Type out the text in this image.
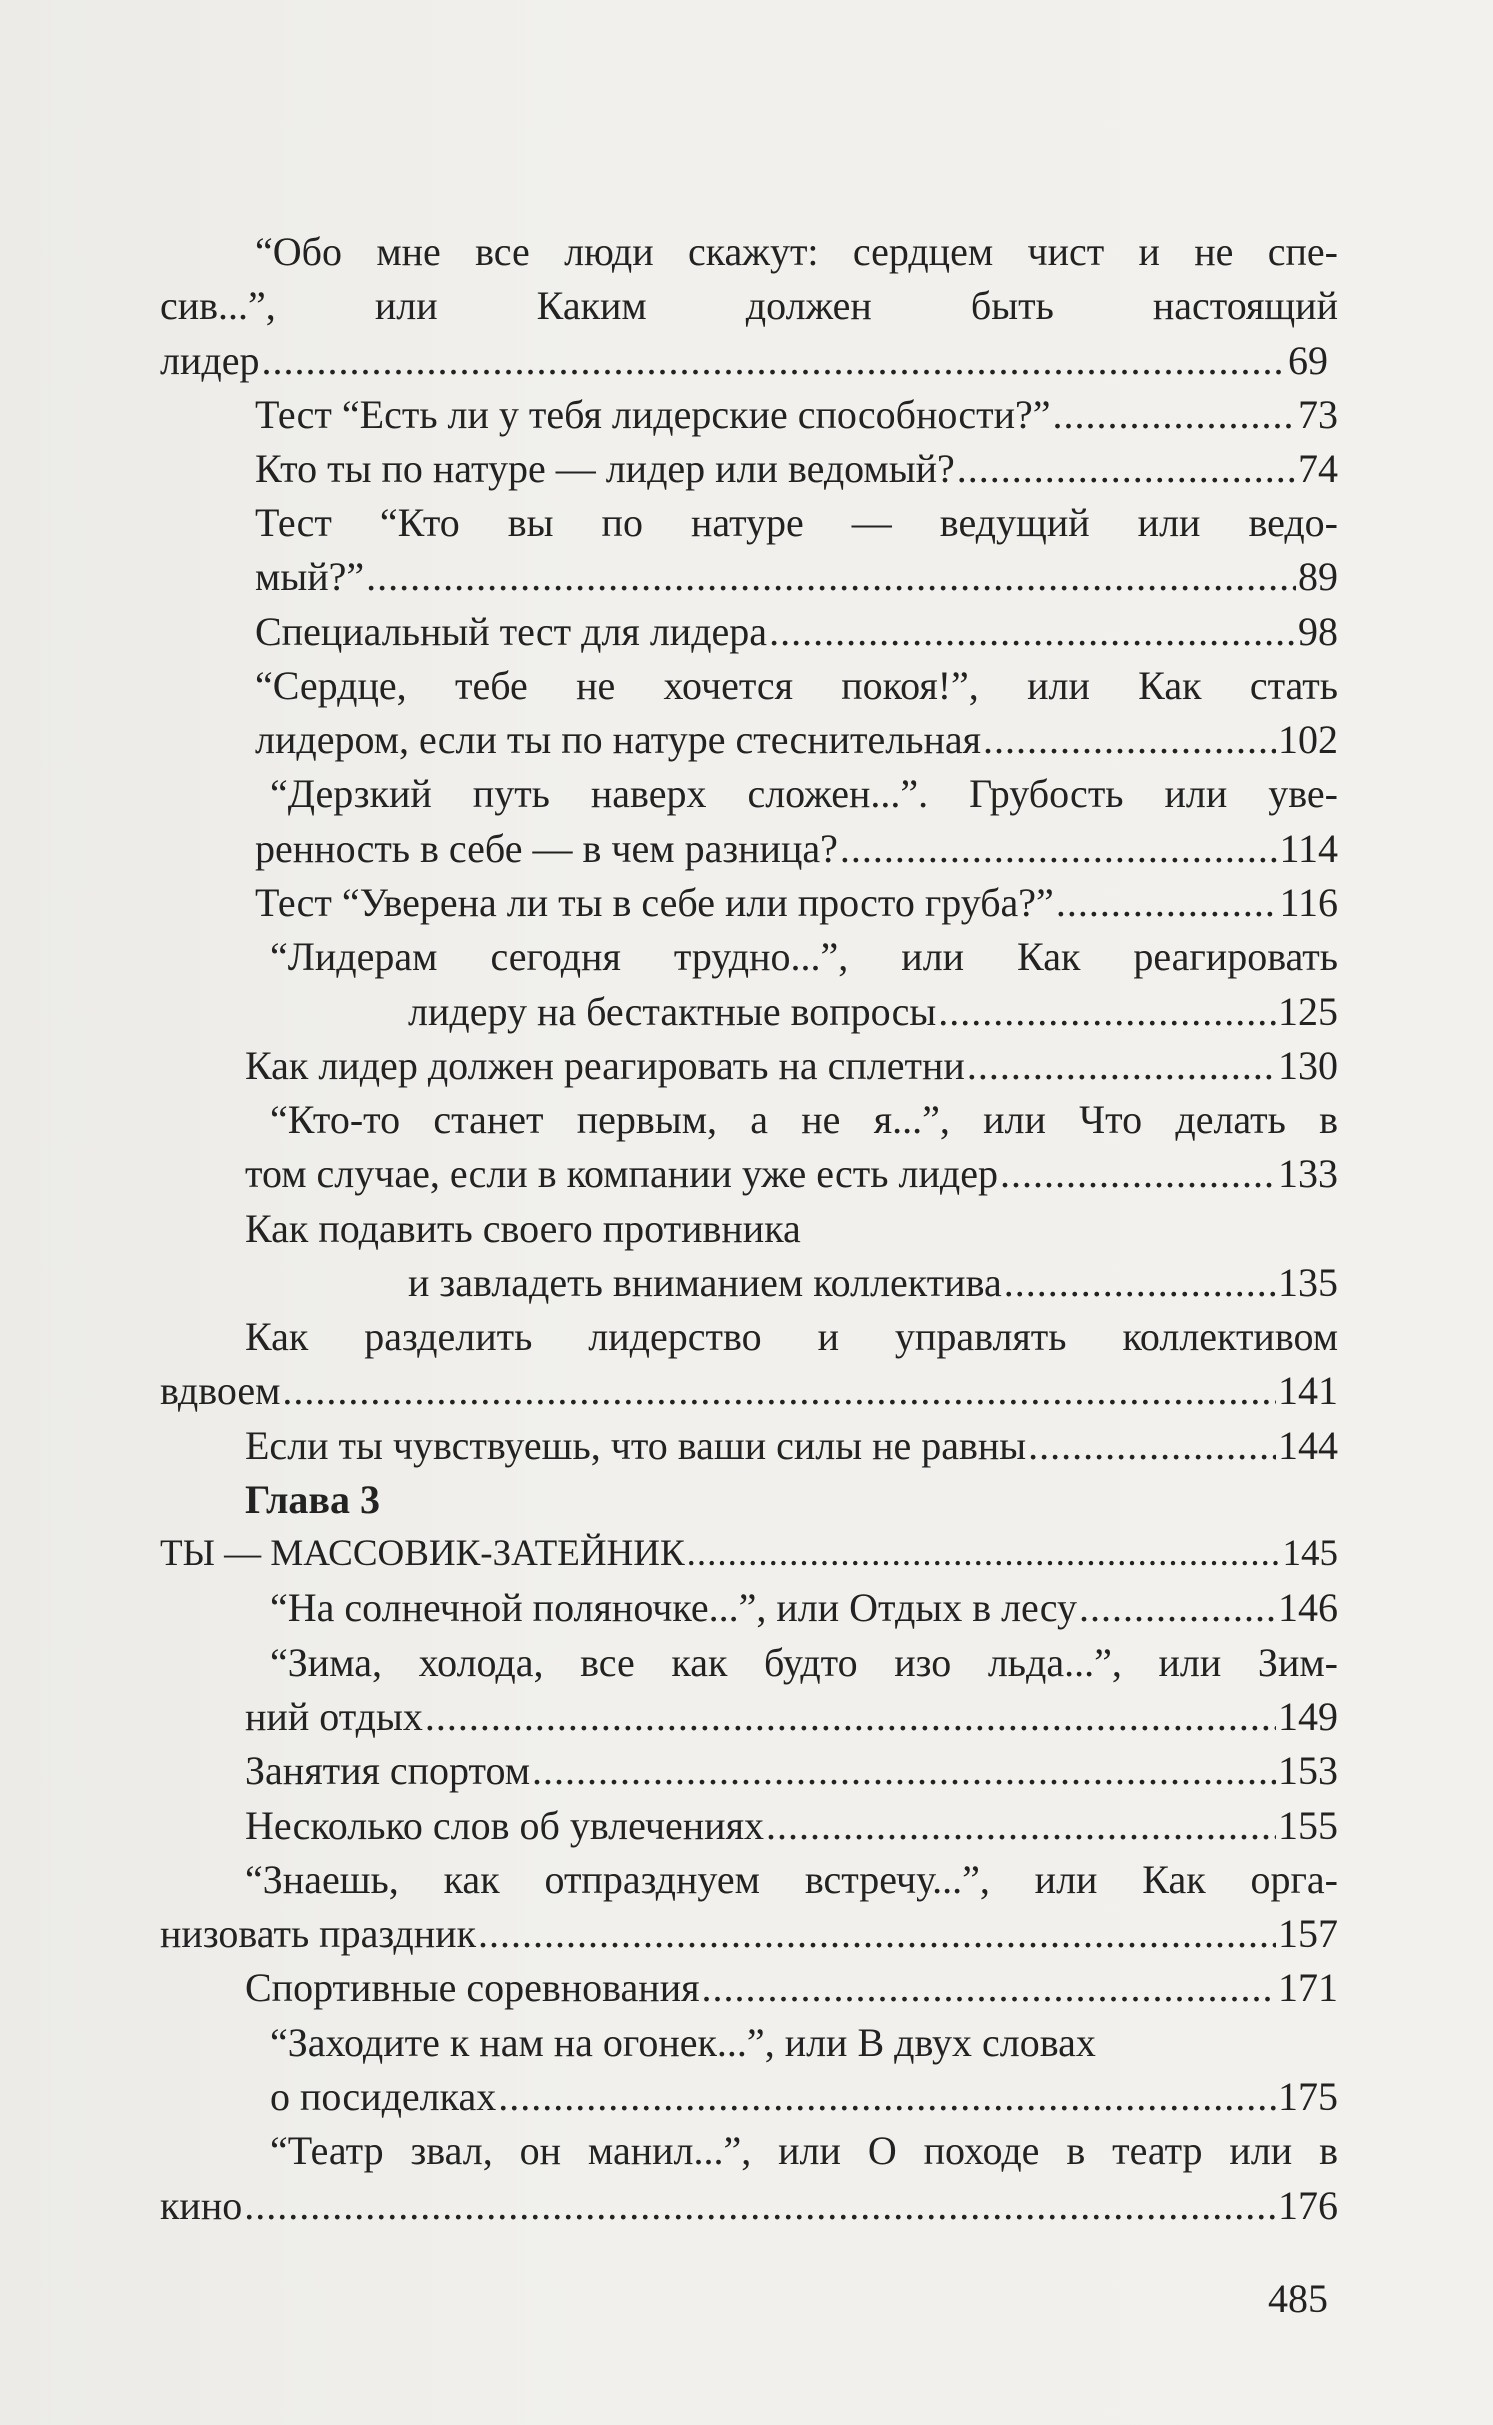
“Обо мне все люди скажут: сердцем чист и не спе-
сив...”, или Каким должен быть настоящий
лидер .....	69
Тест “Есть ли у тебя лидерские способности?” .....	73
Кто ты по натуре — лидер или ведомый? .....	74
Тест “Кто вы по натуре — ведущий или ведо-
мый?” .....	89
Специальный тест для лидера .....	98
“Сердце, тебе не хочется покоя!”, или Как стать
лидером, если ты по натуре стеснительная .....	102
“Дерзкий путь наверх сложен...”. Грубость или уве-
ренность в себе — в чем разница? .....	114
Тест “Уверена ли ты в себе или просто груба?” .....	116
“Лидерам сегодня трудно...”, или Как реагировать
лидеру на бестактные вопросы .....	125
Как лидер должен реагировать на сплетни .....	130
“Кто-то станет первым, а не я...”, или Что делать в
том случае, если в компании уже есть лидер .....	133
Как подавить своего противника
и завладеть вниманием коллектива .....	135
Как разделить лидерство и управлять коллективом
вдвоем .....	141
Если ты чувствуешь, что ваши силы не равны .....	144
Глава 3
ТЫ — МАССОВИК-ЗАТЕЙНИК .....	145
“На солнечной поляночке...”, или Отдых в лесу .....	146
“Зима, холода, все как будто изо льда...”, или Зим-
ний отдых .....	149
Занятия спортом .....	153
Несколько слов об увлечениях .....	155
“Знаешь, как отпразднуем встречу...”, или Как орга-
низовать праздник .....	157
Спортивные соревнования .....	171
“Заходите к нам на огонек...”, или В двух словах
о посиделках .....	175
“Театр звал, он манил...”, или О походе в театр или в
кино .....	176
485
